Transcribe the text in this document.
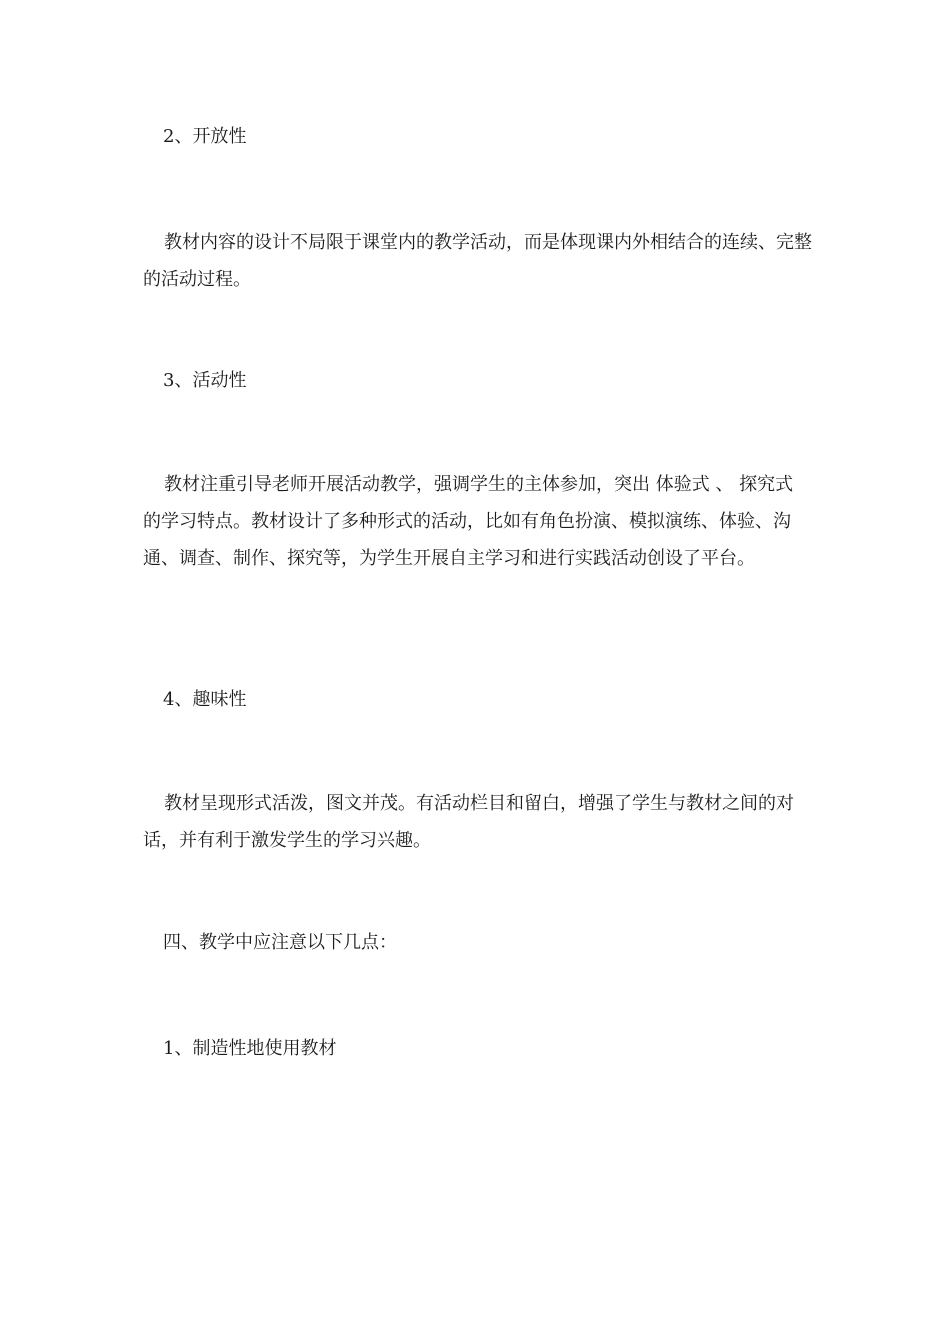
2、开放性
教材内容的设计不局限于课堂内的教学活动，而是体现课内外相结合的连续、完整的活动过程。
3、活动性
教材注重引导老师开展活动教学，强调学生的主体参加，突出 体验式 、 探究式 的学习特点。教材设计了多种形式的活动，比如有角色扮演、模拟演练、体验、沟通、调查、制作、探究等，为学生开展自主学习和进行实践活动创设了平台。
4、趣味性
教材呈现形式活泼，图文并茂。有活动栏目和留白，增强了学生与教材之间的对话，并有利于激发学生的学习兴趣。
四、教学中应注意以下几点：
1、制造性地使用教材
